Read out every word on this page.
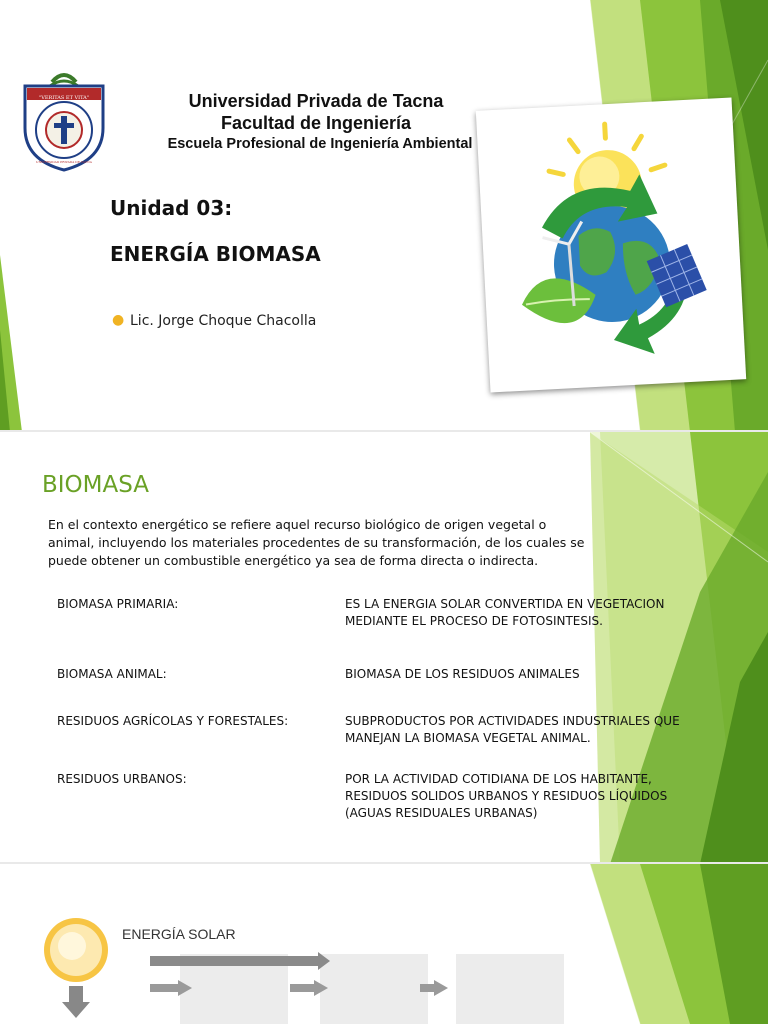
"VERITAS ET VITA"
UNIVERSIDAD PRIVADA DE TACNA
Universidad Privada de Tacna
Facultad de Ingeniería
Escuela Profesional de Ingeniería Ambiental
Unidad 03:
ENERGÍA BIOMASA
● Lic. Jorge Choque Chacolla
BIOMASA
En el contexto energético se refiere aquel recurso biológico de origen vegetal o animal, incluyendo los materiales procedentes de su transformación, de los cuales se puede obtener un combustible energético ya sea de forma directa o indirecta.
BIOMASA PRIMARIA:	ES LA ENERGIA SOLAR CONVERTIDA EN VEGETACION MEDIANTE EL PROCESO DE FOTOSINTESIS.
BIOMASA ANIMAL:	BIOMASA DE LOS RESIDUOS ANIMALES
RESIDUOS AGRÍCOLAS Y FORESTALES:	SUBPRODUCTOS POR ACTIVIDADES INDUSTRIALES QUE MANEJAN LA BIOMASA VEGETAL ANIMAL.
RESIDUOS URBANOS:	POR LA ACTIVIDAD COTIDIANA DE LOS HABITANTE, RESIDUOS SOLIDOS URBANOS Y RESIDUOS LÍQUIDOS (AGUAS RESIDUALES URBANAS)
ENERGÍA SOLAR
